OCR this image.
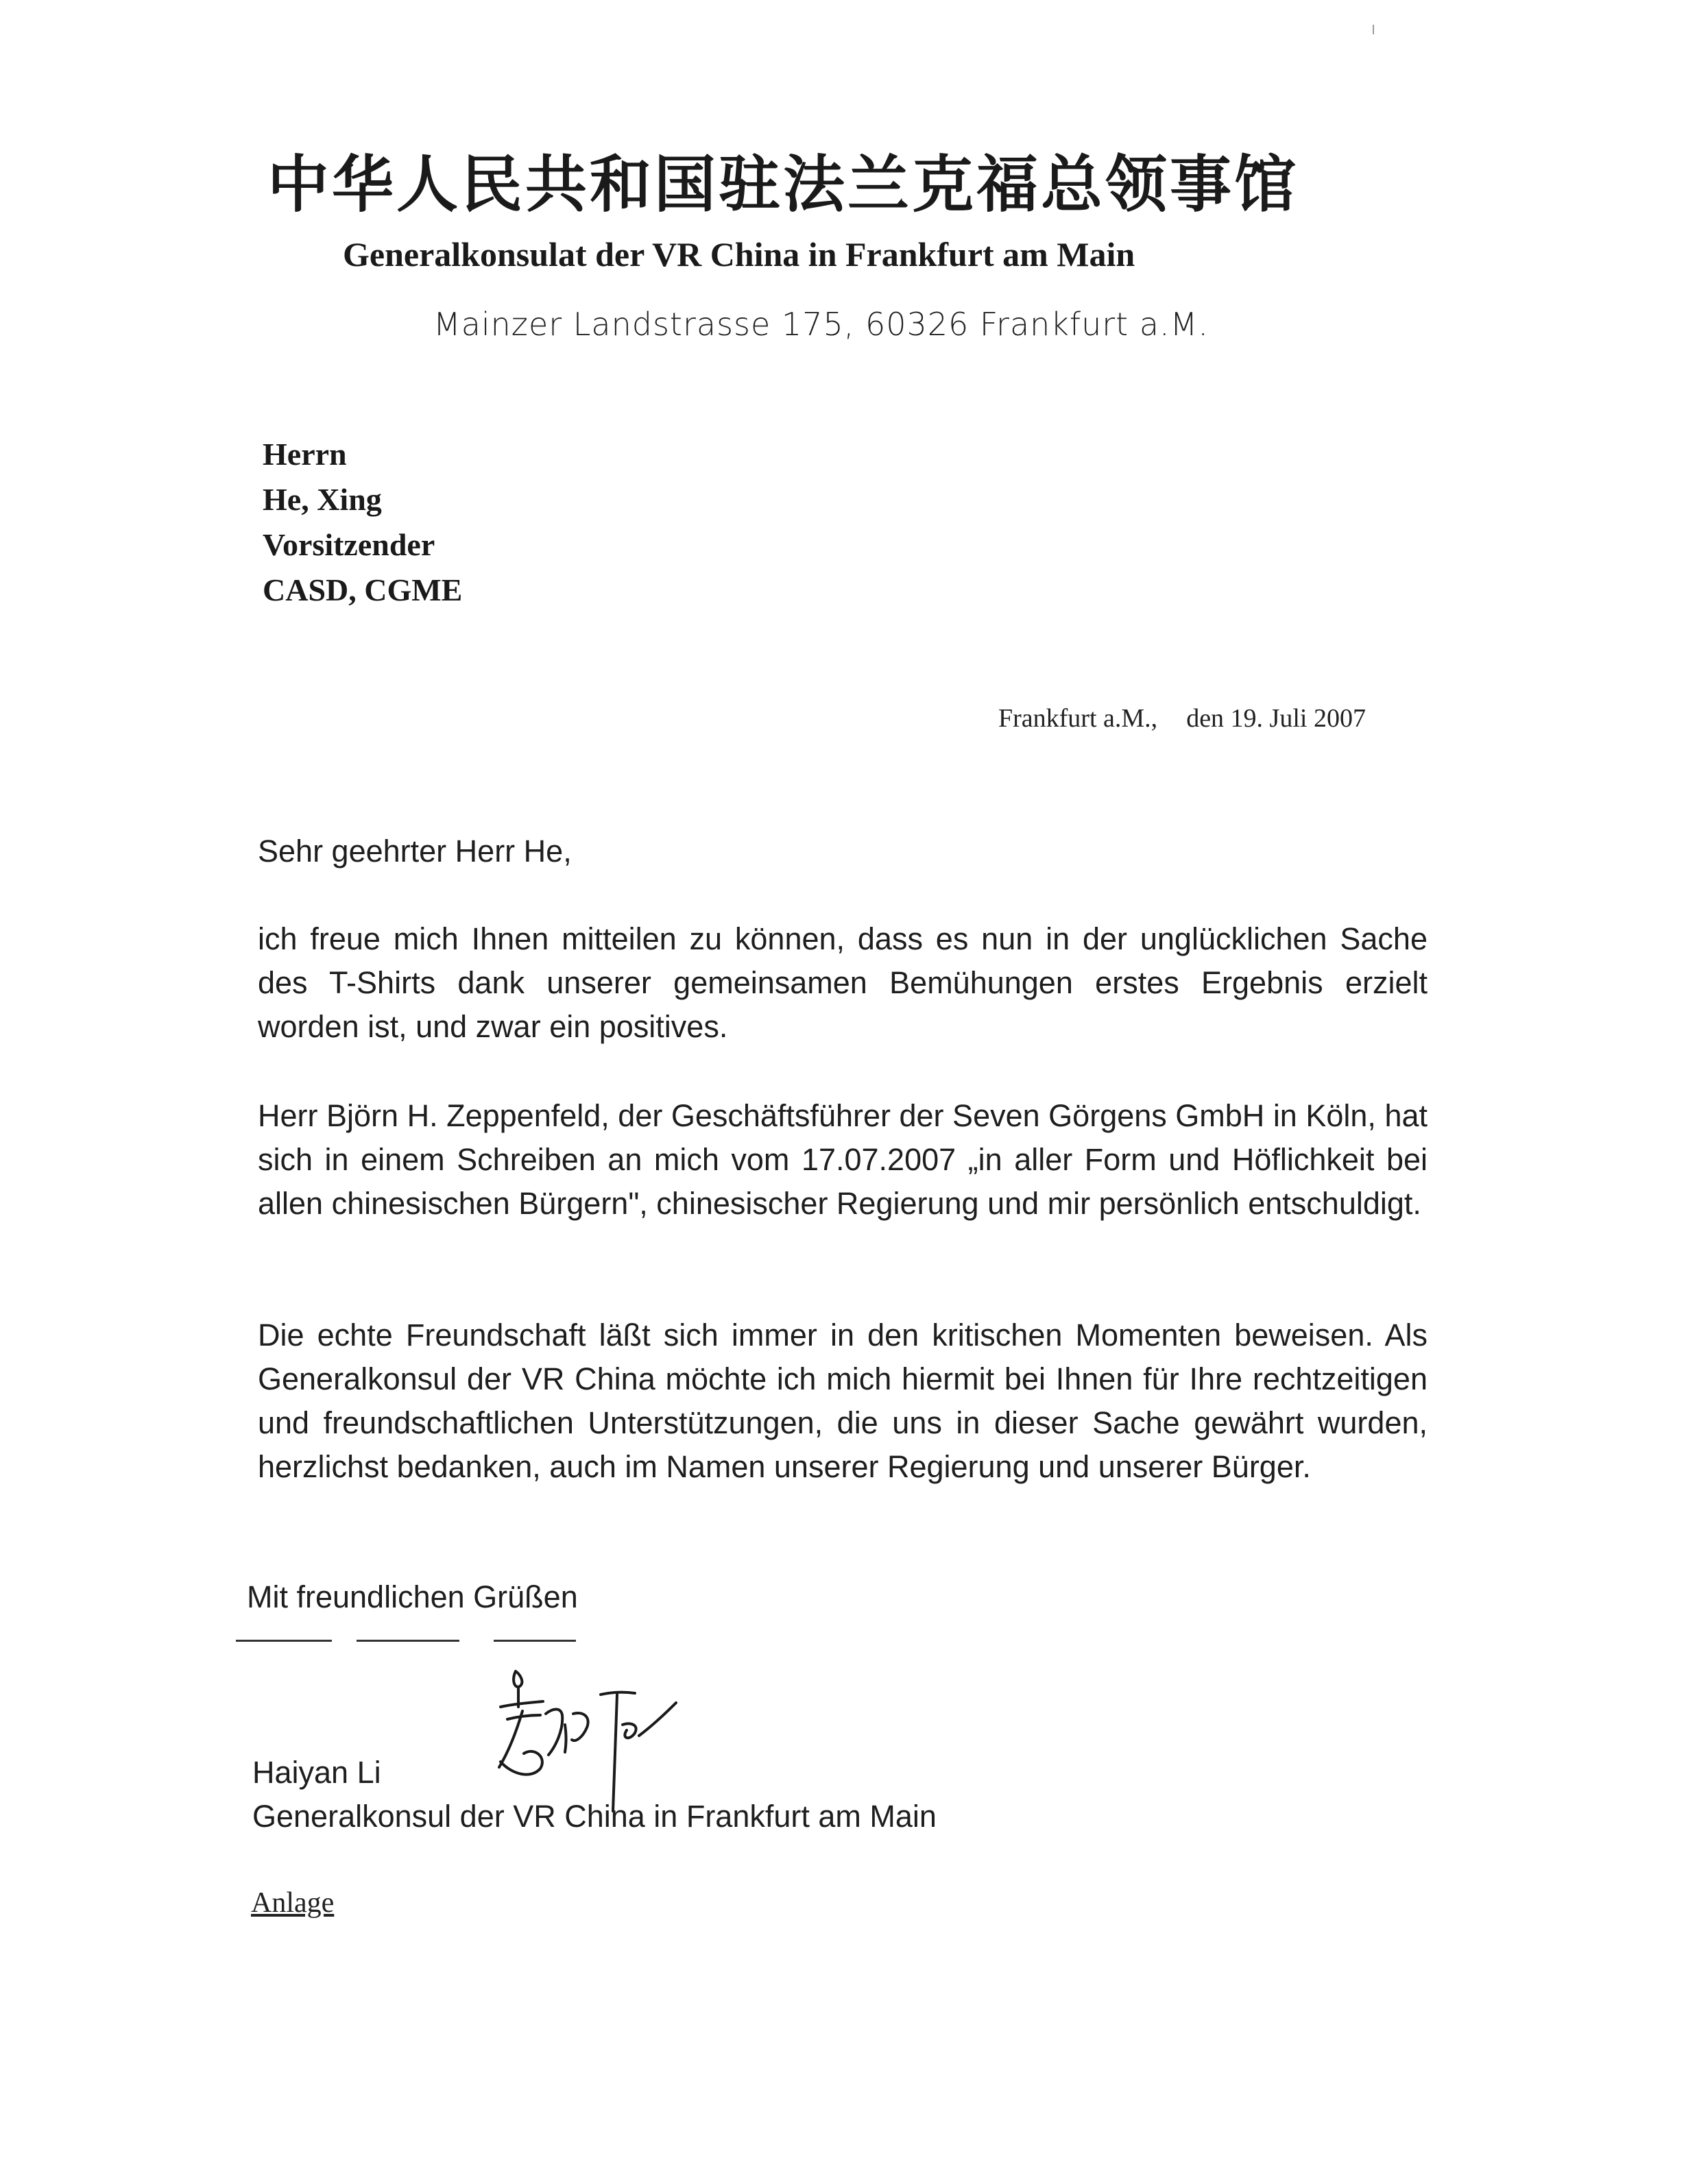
中华人民共和国驻法兰克福总领事馆
Generalkonsulat der VR China in Frankfurt am Main
Mainzer Landstrasse 175, 60326 Frankfurt a.M.
Herrn
He, Xing
Vorsitzender
CASD, CGME
Frankfurt a.M., den 19. Juli 2007
Sehr geehrter Herr He,
ich freue mich Ihnen mitteilen zu können, dass es nun in der unglücklichen Sache des T-Shirts dank unserer gemeinsamen Bemühungen erstes Ergebnis erzielt worden ist, und zwar ein positives.
Herr Björn H. Zeppenfeld, der Geschäftsführer der Seven Görgens GmbH in Köln, hat sich in einem Schreiben an mich vom 17.07.2007 „in aller Form und Höflichkeit bei allen chinesischen Bürgern", chinesischer Regierung und mir persönlich entschuldigt.
Die echte Freundschaft läßt sich immer in den kritischen Momenten beweisen. Als Generalkonsul der VR China möchte ich mich hiermit bei Ihnen für Ihre rechtzeitigen und freundschaftlichen Unterstützungen, die uns in dieser Sache gewährt wurden, herzlichst bedanken, auch im Namen unserer Regierung und unserer Bürger.
Mit freundlichen Grüßen
Haiyan Li
Generalkonsul der VR China in Frankfurt am Main
Anlage
